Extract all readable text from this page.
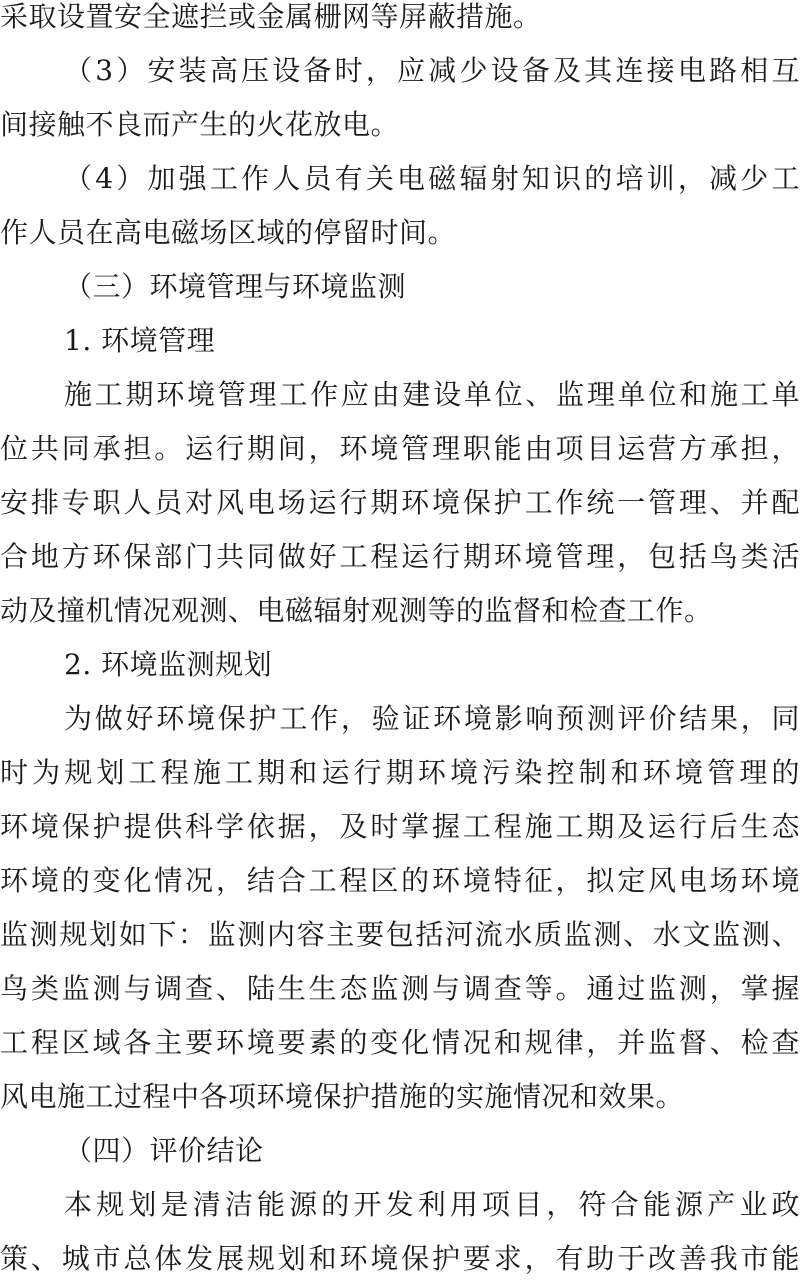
采取设置安全遮拦或金属栅网等屏蔽措施。
（3）安装高压设备时，应减少设备及其连接电路相互
间接触不良而产生的火花放电。
（4）加强工作人员有关电磁辐射知识的培训，减少工
作人员在高电磁场区域的停留时间。
（三）环境管理与环境监测
1. 环境管理
施工期环境管理工作应由建设单位、监理单位和施工单
位共同承担。运行期间，环境管理职能由项目运营方承担，
安排专职人员对风电场运行期环境保护工作统一管理、并配
合地方环保部门共同做好工程运行期环境管理，包括鸟类活
动及撞机情况观测、电磁辐射观测等的监督和检查工作。
2. 环境监测规划
为做好环境保护工作，验证环境影响预测评价结果，同
时为规划工程施工期和运行期环境污染控制和环境管理的
环境保护提供科学依据，及时掌握工程施工期及运行后生态
环境的变化情况，结合工程区的环境特征，拟定风电场环境
监测规划如下：监测内容主要包括河流水质监测、水文监测、
鸟类监测与调查、陆生生态监测与调查等。通过监测，掌握
工程区域各主要环境要素的变化情况和规律，并监督、检查
风电施工过程中各项环境保护措施的实施情况和效果。
（四）评价结论
本规划是清洁能源的开发利用项目，符合能源产业政
策、城市总体发展规划和环境保护要求，有助于改善我市能
